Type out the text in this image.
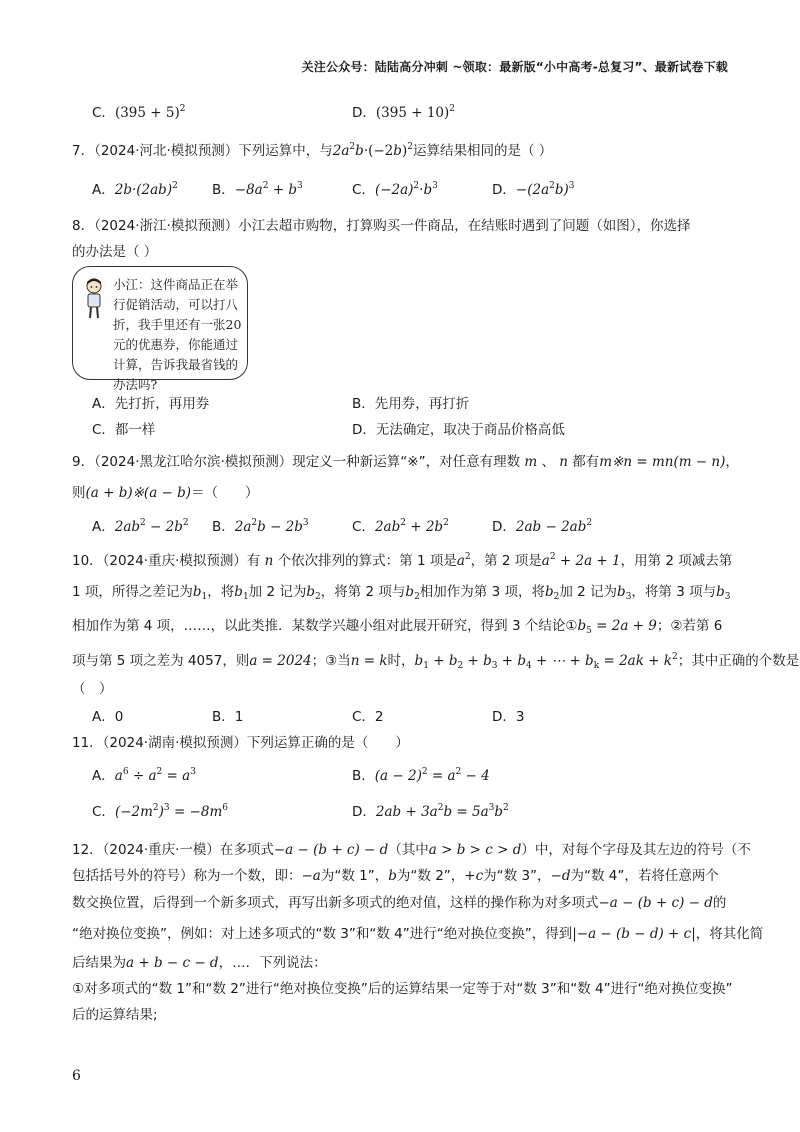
关注公众号：陆陆高分冲刺 ~领取：最新版“小中高考-总复习”、最新试卷下载
C．$(395 + 5)^2$	D．$(395 + 10)^2$
7．（2024·河北·模拟预测）下列运算中，与$2a^2b\cdot(-2b)^2$运算结果相同的是（ ）
A．$2b\cdot(2ab)^2$	B．$-8a^2 + b^3$	C．$(-2a)^2\cdot b^3$	D．$-(2a^2b)^3$
8．（2024·浙江·模拟预测）小江去超市购物，打算购买一件商品，在结账时遇到了问题（如图），你选择
的办法是（ ）
小江：这件商品正在举行促销活动，可以打八折，我手里还有一张20元的优惠券，你能通过计算，告诉我最省钱的办法吗?
A．先打折，再用券	B．先用券，再打折
C．都一样	D．无法确定，取决于商品价格高低
9．（2024·黑龙江哈尔滨·模拟预测）现定义一种新运算“※”，对任意有理数 m 、 n 都有m※n = mn(m − n)，
则(a + b)※(a − b)＝（　　）
A．$2ab^2 - 2b^2$ B．$2a^2b - 2b^3$	C．$2ab^2 + 2b^2$	D．$2ab - 2ab^2$
10．（2024·重庆·模拟预测）有 n 个依次排列的算式：第 1 项是$a^2$，第 2 项是$a^2 + 2a + 1$，用第 2 项减去第
1 项，所得之差记为$b_1$，将$b_1$加 2 记为$b_2$，将第 2 项与$b_2$相加作为第 3 项，将$b_2$加 2 记为$b_3$，将第 3 项与$b_3$
相加作为第 4 项，……，以此类推．某数学兴趣小组对此展开研究，得到 3 个结论$①b_5 = 2a + 9$；②若第 6
项与第 5 项之差为 4057，则a = 2024；③当n = k时，$b_1 + b_2 + b_3 + b_4$ + ⋯ + $b_k = 2ak + k^2$；其中正确的个数是
（　）
A．0	B．1	C．2	D．3
11．（2024·湖南·模拟预测）下列运算正确的是（　　）
A．$a^6 \div a^2 = a^3$	B．$(a - 2)^2 = a^2 - 4$
C．$(-2m^2)^3 = -8m^6$	D．$2ab + 3a^2b = 5a^3b^2$
12．（2024·重庆·一模）在多项式−a − (b + c) − d（其中a > b > c > d）中，对每个字母及其左边的符号（不
包括括号外的符号）称为一个数，即：−a为“数 1”，b为“数 2”，+c为“数 3”，−d为“数 4”，若将任意两个
数交换位置，后得到一个新多项式，再写出新多项式的绝对值，这样的操作称为对多项式−a − (b + c) − d的
“绝对换位变换”，例如：对上述多项式的“数 3”和“数 4”进行“绝对换位变换”，得到|−a − (b − d) + c|，将其化简
后结果为a + b − c − d，…．下列说法：
①对多项式的“数 1”和“数 2”进行“绝对换位变换”后的运算结果一定等于对“数 3”和“数 4”进行“绝对换位变换”
后的运算结果;
6
